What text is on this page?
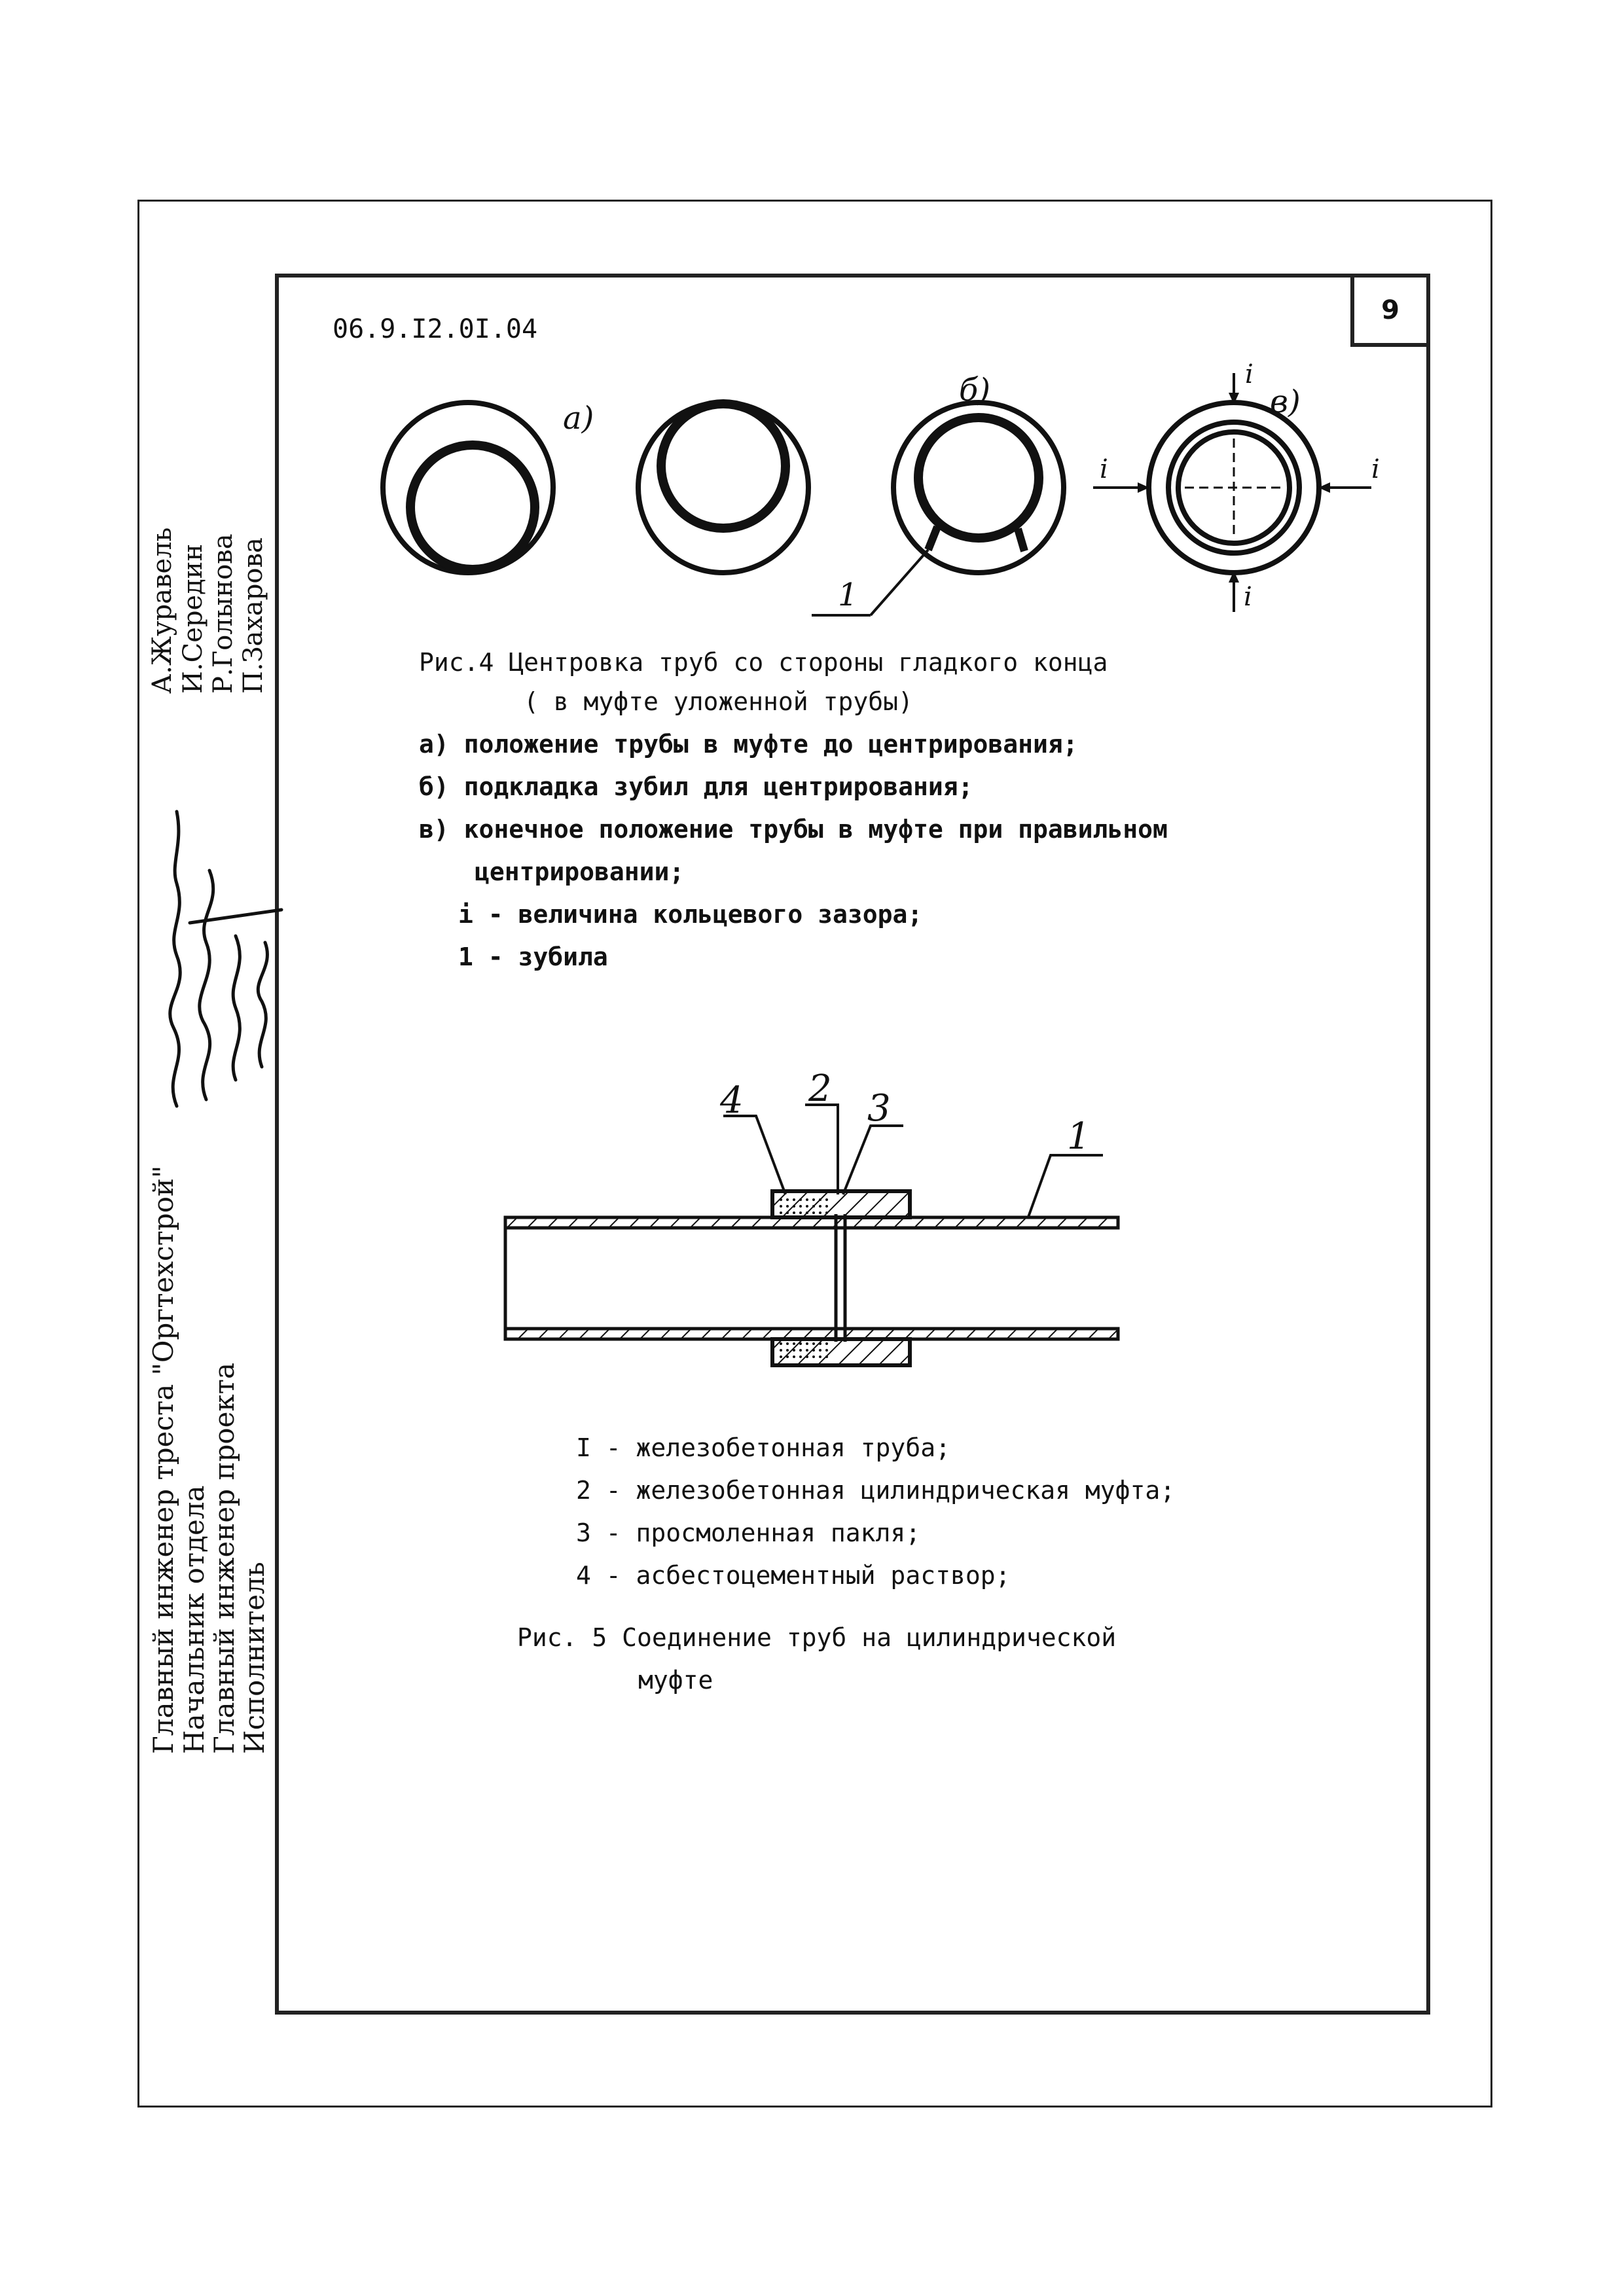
9
06.9.I2.0I.04
а)
б)	в)
1
i
i	i
i
Рис.4 Центровка труб со стороны гладкого конца
( в муфте уложенной трубы)
а) положение трубы в муфте до центрирования;
б) подкладка зубил для центрирования;
в) конечное положение трубы в муфте при правильном
центрировании;
i - величина кольцевого зазора;
1 - зубила
4 2 3
1
I - железобетонная труба;
2 - железобетонная цилиндрическая муфта;
3 - просмоленная пакля;
4 - асбестоцементный раствор;
Рис. 5 Соединение труб на цилиндрической
муфте
Главный инженер треста "Оргтехстрой"
Начальник отдела
Главный инженер проекта
Исполнитель
А.Журавель И.Середин Р.Голынова П.Захарова
